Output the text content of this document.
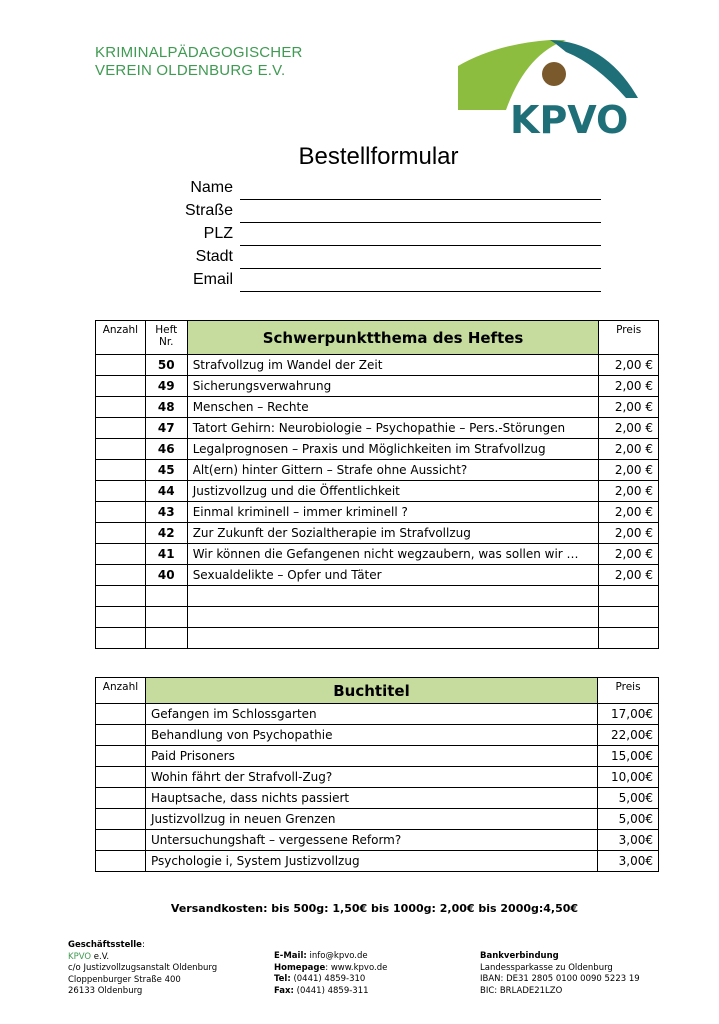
KRIMINALPÄDAGOGISCHER
VEREIN OLDENBURG E.V.
KPVO
Bestellformular
Name
Straße
PLZ
Stadt
Email
Anzahl	Heft Nr.	Schwerpunktthema des Heftes	Preis
	50	Strafvollzug im Wandel der Zeit	2,00 €
	49	Sicherungsverwahrung	2,00 €
	48	Menschen – Rechte	2,00 €
	47	Tatort Gehirn: Neurobiologie – Psychopathie – Pers.-Störungen	2,00 €
	46	Legalprognosen – Praxis und Möglichkeiten im Strafvollzug	2,00 €
	45	Alt(ern) hinter Gittern – Strafe ohne Aussicht?	2,00 €
	44	Justizvollzug und die Öffentlichkeit	2,00 €
	43	Einmal kriminell – immer kriminell ?	2,00 €
	42	Zur Zukunft der Sozialtherapie im Strafvollzug	2,00 €
	41	Wir können die Gefangenen nicht wegzaubern, was sollen wir …	2,00 €
	40	Sexualdelikte – Opfer und Täter	2,00 €

Anzahl	Buchtitel	Preis
	Gefangen im Schlossgarten	17,00€
	Behandlung von Psychopathie	22,00€
	Paid Prisoners	15,00€
	Wohin fährt der Strafvoll-Zug?	10,00€
	Hauptsache, dass nichts passiert	5,00€
	Justizvollzug in neuen Grenzen	5,00€
	Untersuchungshaft – vergessene Reform?	3,00€
	Psychologie i, System Justizvollzug	3,00€
Versandkosten: bis 500g: 1,50€ bis 1000g: 2,00€ bis 2000g:4,50€
Geschäftsstelle:
KPVO e.V.
c/o Justizvollzugsanstalt Oldenburg
Cloppenburger Straße 400
26133 Oldenburg
E-Mail: info@kpvo.de
Homepage: www.kpvo.de
Tel: (0441) 4859-310
Fax: (0441) 4859-311
Bankverbindung
Landessparkasse zu Oldenburg
IBAN: DE31 2805 0100 0090 5223 19
BIC: BRLADE21LZO
